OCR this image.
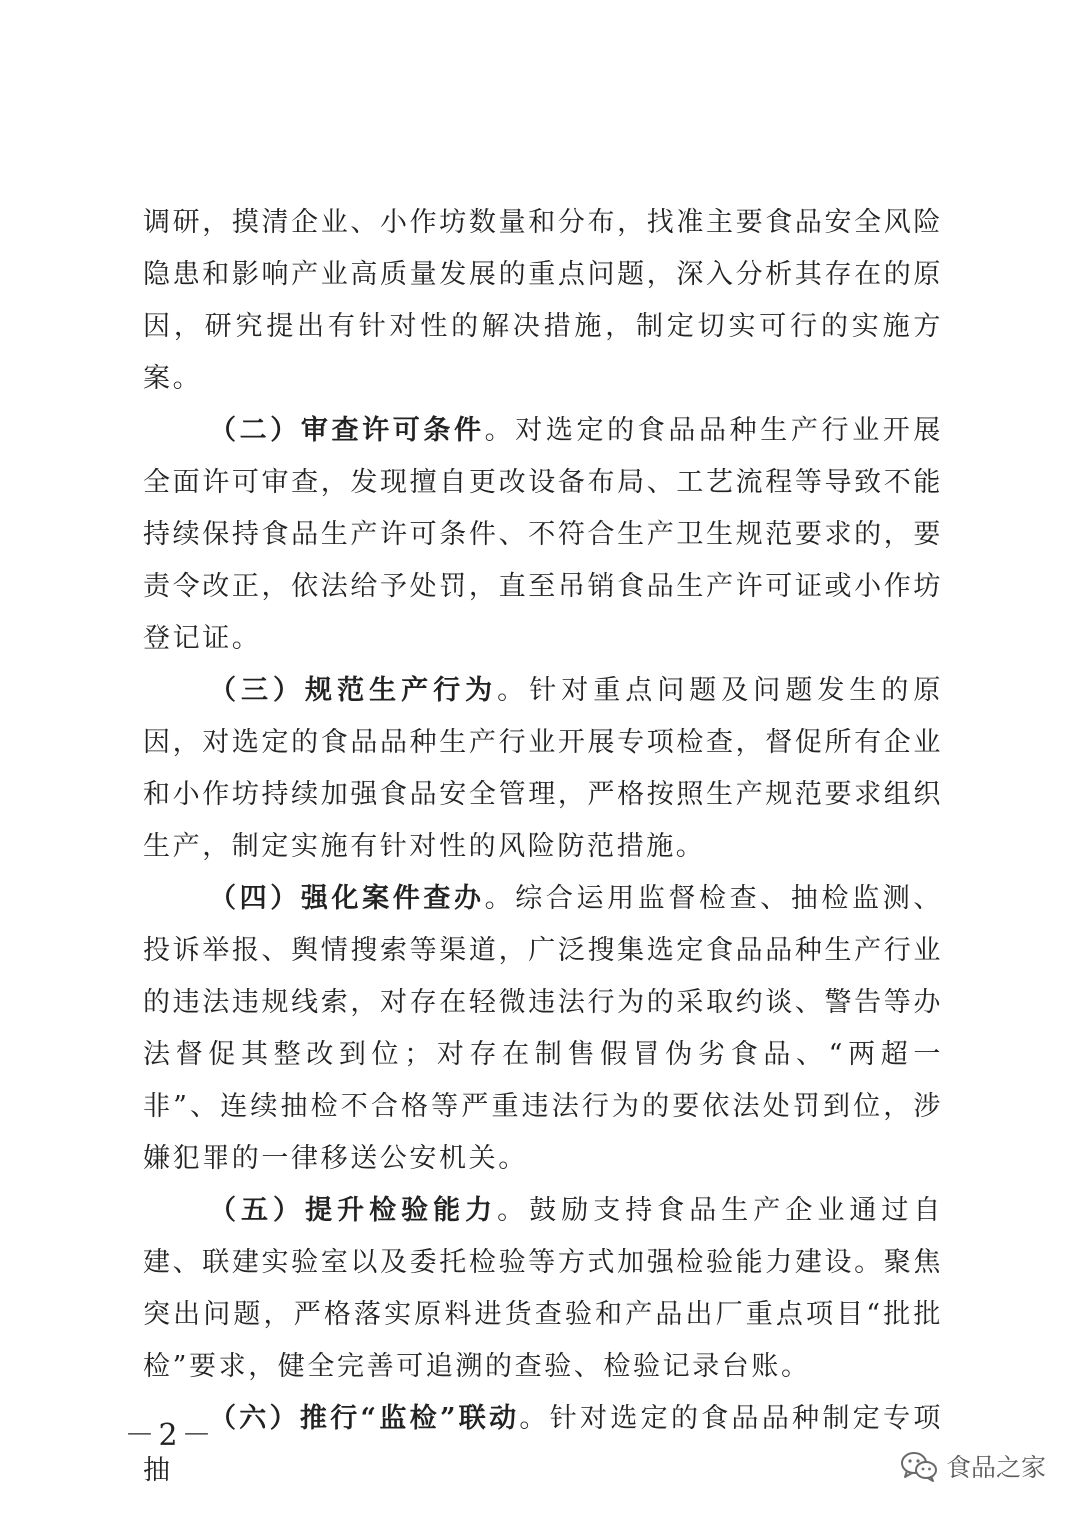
调研，摸清企业、小作坊数量和分布，找准主要食品安全风险隐患和影响产业高质量发展的重点问题，深入分析其存在的原因，研究提出有针对性的解决措施，制定切实可行的实施方案。

（二）审查许可条件。对选定的食品品种生产行业开展全面许可审查，发现擅自更改设备布局、工艺流程等导致不能持续保持食品生产许可条件、不符合生产卫生规范要求的，要责令改正，依法给予处罚，直至吊销食品生产许可证或小作坊登记证。

（三）规范生产行为。针对重点问题及问题发生的原因，对选定的食品品种生产行业开展专项检查，督促所有企业和小作坊持续加强食品安全管理，严格按照生产规范要求组织生产，制定实施有针对性的风险防范措施。

（四）强化案件查办。综合运用监督检查、抽检监测、投诉举报、舆情搜索等渠道，广泛搜集选定食品品种生产行业的违法违规线索，对存在轻微违法行为的采取约谈、警告等办法督促其整改到位；对存在制售假冒伪劣食品、“两超一非”、连续抽检不合格等严重违法行为的要依法处罚到位，涉嫌犯罪的一律移送公安机关。

（五）提升检验能力。鼓励支持食品生产企业通过自建、联建实验室以及委托检验等方式加强检验能力建设。聚焦突出问题，严格落实原料进货查验和产品出厂重点项目“批批检”要求，健全完善可追溯的查验、检验记录台账。

（六）推行“监检”联动。针对选定的食品品种制定专项抽

－2－
食品之家
